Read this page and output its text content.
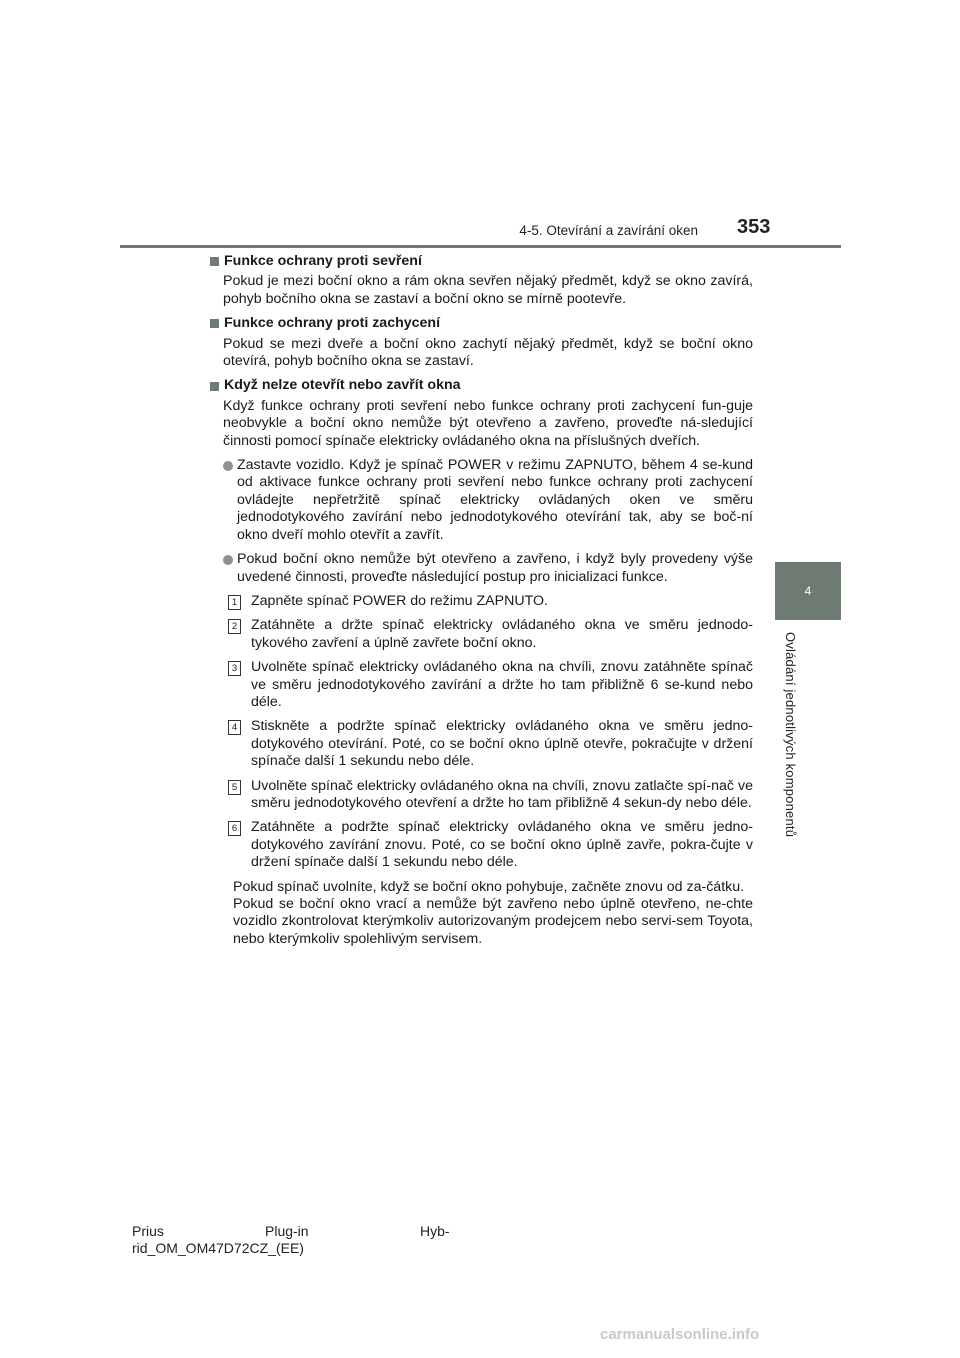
4-5. Otevírání a zavírání oken 353
4
Ovládání jednotlivých komponentů
Funkce ochrany proti sevření
Pokud je mezi boční okno a rám okna sevřen nějaký předmět, když se okno zavírá, pohyb bočního okna se zastaví a boční okno se mírně pootevře.
Funkce ochrany proti zachycení
Pokud se mezi dveře a boční okno zachytí nějaký předmět, když se boční okno otevírá, pohyb bočního okna se zastaví.
Když nelze otevřít nebo zavřít okna
Když funkce ochrany proti sevření nebo funkce ochrany proti zachycení fun-guje neobvykle a boční okno nemůže být otevřeno a zavřeno, proveďte ná-sledující činnosti pomocí spínače elektricky ovládaného okna na příslušných dveřích.
Zastavte vozidlo. Když je spínač POWER v režimu ZAPNUTO, během 4 se-kund od aktivace funkce ochrany proti sevření nebo funkce ochrany proti zachycení ovládejte nepřetržitě spínač elektricky ovládaných oken ve směru jednodotykového zavírání nebo jednodotykového otevírání tak, aby se boč-ní okno dveří mohlo otevřít a zavřít.
Pokud boční okno nemůže být otevřeno a zavřeno, i když byly provedeny výše uvedené činnosti, proveďte následující postup pro inicializaci funkce.
1 Zapněte spínač POWER do režimu ZAPNUTO.
2 Zatáhněte a držte spínač elektricky ovládaného okna ve směru jednodo-tykového zavření a úplně zavřete boční okno.
3 Uvolněte spínač elektricky ovládaného okna na chvíli, znovu zatáhněte spínač ve směru jednodotykového zavírání a držte ho tam přibližně 6 se-kund nebo déle.
4 Stiskněte a podržte spínač elektricky ovládaného okna ve směru jedno-dotykového otevírání. Poté, co se boční okno úplně otevře, pokračujte v držení spínače další 1 sekundu nebo déle.
5 Uvolněte spínač elektricky ovládaného okna na chvíli, znovu zatlačte spí-nač ve směru jednodotykového otevření a držte ho tam přibližně 4 sekun-dy nebo déle.
6 Zatáhněte a podržte spínač elektricky ovládaného okna ve směru jedno-dotykového zavírání znovu. Poté, co se boční okno úplně zavře, pokra-čujte v držení spínače další 1 sekundu nebo déle.
Pokud spínač uvolníte, když se boční okno pohybuje, začněte znovu od za-čátku.
Pokud se boční okno vrací a nemůže být zavřeno nebo úplně otevřeno, ne-chte vozidlo zkontrolovat kterýmkoliv autorizovaným prodejcem nebo servi-sem Toyota, nebo kterýmkoliv spolehlivým servisem.
Prius	Plug-in	Hyb-
rid_OM_OM47D72CZ_(EE)
carmanualsonline.info
